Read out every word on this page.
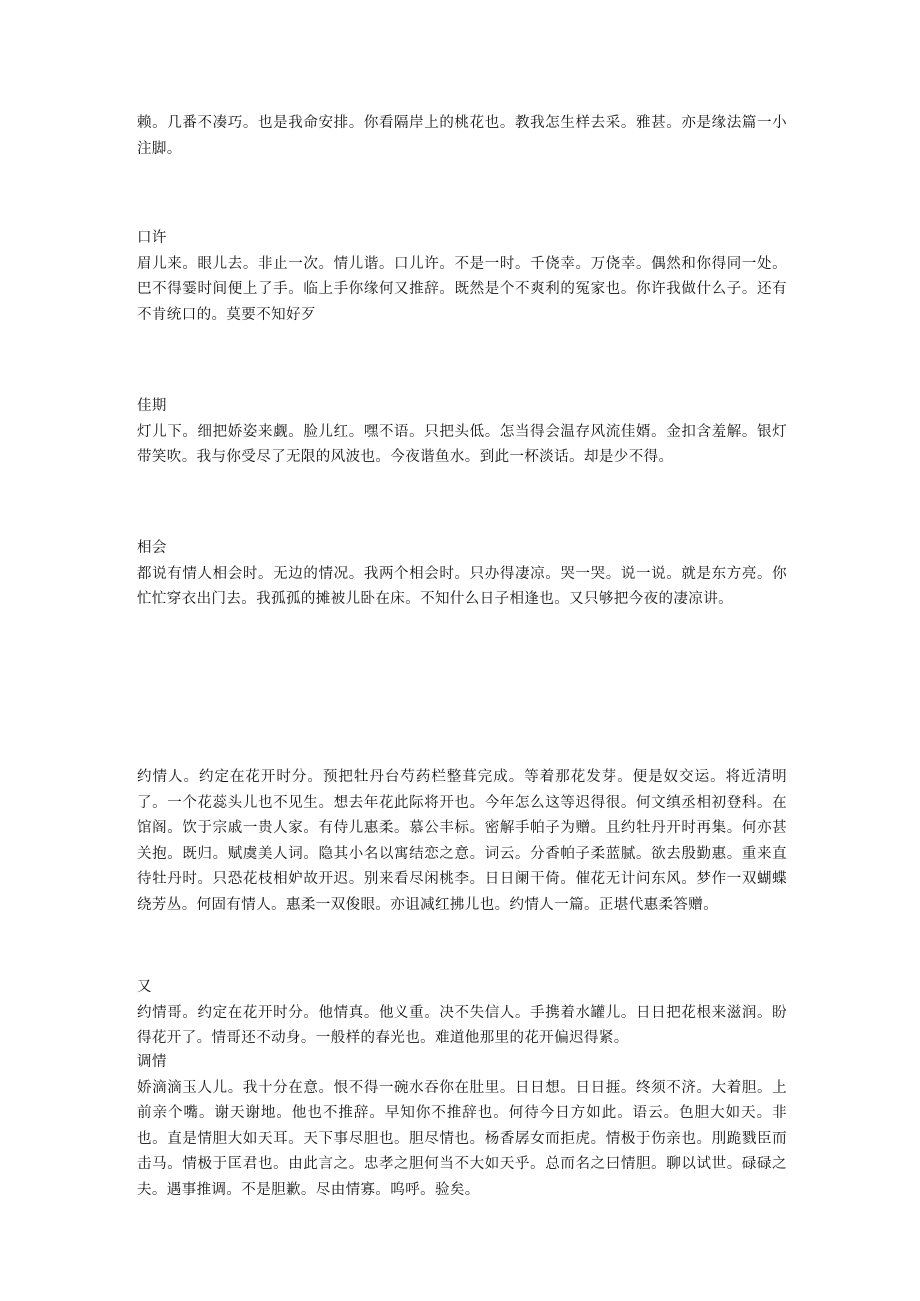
赖。几番不凑巧。也是我命安排。你看隔岸上的桃花也。教我怎生样去采。雅甚。亦是缘法篇一小注脚。

口许

眉儿来。眼儿去。非止一次。情儿谐。口儿许。不是一时。千侥幸。万侥幸。偶然和你得同一处。巴不得霎时间便上了手。临上手你缘何又推辞。既然是个不爽利的冤家也。你许我做什么子。还有不肯统口的。莫要不知好歹

佳期

灯儿下。细把娇姿来觑。脸儿红。嘿不语。只把头低。怎当得会温存风流佳婿。金扣含羞解。银灯带笑吹。我与你受尽了无限的风波也。今夜谐鱼水。到此一杯淡话。却是少不得。

相会

都说有情人相会时。无边的情况。我两个相会时。只办得凄凉。哭一哭。说一说。就是东方亮。你忙忙穿衣出门去。我孤孤的摊被儿卧在床。不知什么日子相逢也。又只够把今夜的凄凉讲。

约情人。约定在花开时分。预把牡丹台芍药栏整葺完成。等着那花发芽。便是奴交运。将近清明了。一个花蕊头儿也不见生。想去年花此际将开也。今年怎么这等迟得很。何文缜丞相初登科。在馆阁。饮于宗戚一贵人家。有侍儿惠柔。慕公丰标。密解手帕子为赠。且约牡丹开时再集。何亦甚关抱。既归。赋虞美人词。隐其小名以寓结恋之意。词云。分香帕子柔蓝腻。欲去殷勤惠。重来直待牡丹时。只恐花枝相妒故开迟。别来看尽闲桃李。日日阑干倚。催花无计问东风。梦作一双蝴蝶绕芳丛。何固有情人。惠柔一双俊眼。亦诅减红拂儿也。约情人一篇。正堪代惠柔答赠。

又

约情哥。约定在花开时分。他情真。他义重。决不失信人。手携着水罐儿。日日把花根来滋润。盼得花开了。情哥还不动身。一般样的春光也。难道他那里的花开偏迟得紧。

调情

娇滴滴玉人儿。我十分在意。恨不得一碗水吞你在肚里。日日想。日日捱。终须不济。大着胆。上前亲个嘴。谢天谢地。他也不推辞。早知你不推辞也。何待今日方如此。语云。色胆大如天。非也。直是情胆大如天耳。天下事尽胆也。胆尽情也。杨香孱女而拒虎。情极于伤亲也。刖跪戮臣而击马。情极于匡君也。由此言之。忠孝之胆何当不大如天乎。总而名之曰情胆。聊以试世。碌碌之夫。遇事推调。不是胆歉。尽由情寡。呜呼。验矣。
